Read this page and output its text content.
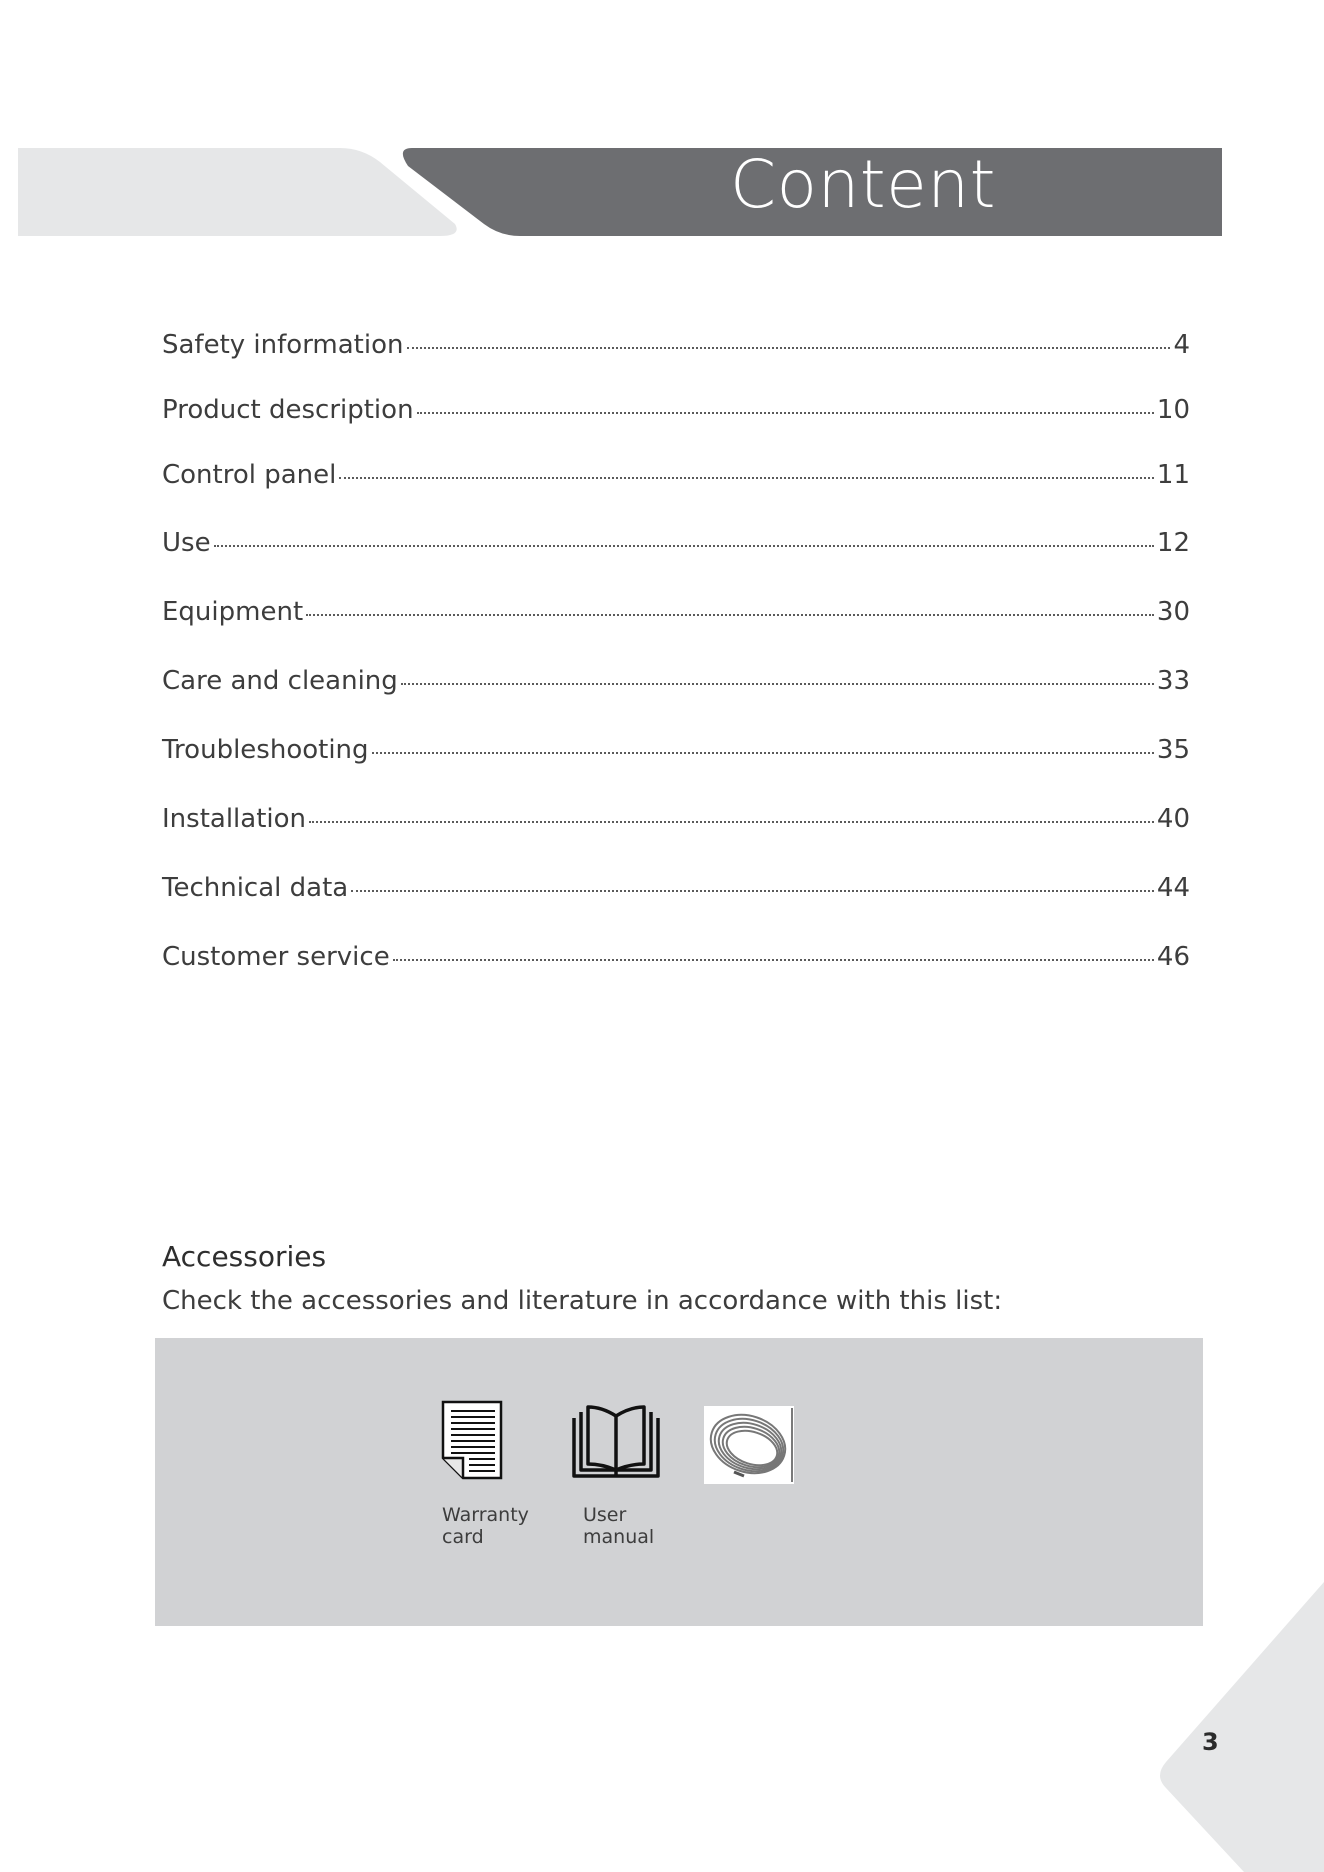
Content
Safety information	4
Product description	10
Control panel	11
Use	12
Equipment	30
Care and cleaning	33
Troubleshooting	35
Installation	40
Technical data	44
Customer service	46
Accessories
Check the accessories and literature in accordance with this list:
Warranty
card
User
manual
3
